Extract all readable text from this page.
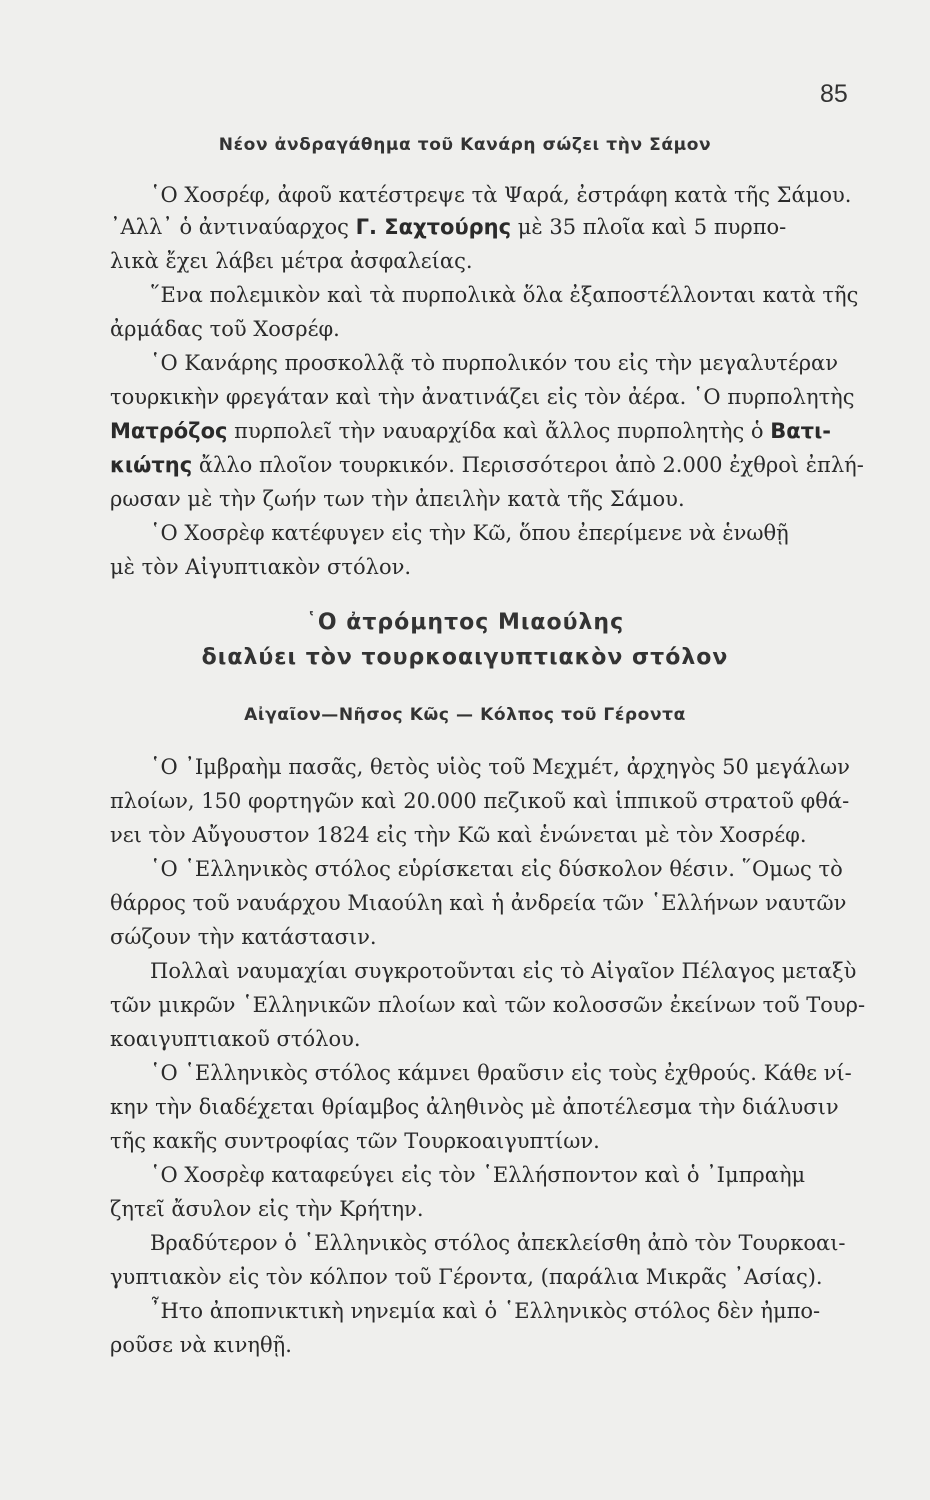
85
Νέον ἀνδραγάθημα τοῦ Κανάρη σώζει τὴν Σάμον
῾Ο Χοσρέφ, ἀφοῦ κατέστρεψε τὰ Ψαρά, ἐστράφη κατὰ τῆς Σάμου.
᾿Αλλ᾿ ὁ ἀντιναύαρχος Γ. Σαχτούρης μὲ 35 πλοῖα καὶ 5 πυρπο-
λικὰ ἔχει λάβει μέτρα ἀσφαλείας.
῞Ενα πολεμικὸν καὶ τὰ πυρπολικὰ ὅλα ἐξαποστέλλονται κατὰ τῆς
ἀρμάδας τοῦ Χοσρέφ.
῾Ο Κανάρης προσκολλᾷ τὸ πυρπολικόν του εἰς τὴν μεγαλυτέραν
τουρκικὴν φρεγάταν καὶ τὴν ἀνατινάζει εἰς τὸν ἀέρα. ῾Ο πυρπολητὴς
Ματρόζος πυρπολεῖ τὴν ναυαρχίδα καὶ ἄλλος πυρπολητὴς ὁ Βατι-
κιώτης ἄλλο πλοῖον τουρκικόν. Περισσότεροι ἀπὸ 2.000 ἐχθροὶ ἐπλή-
ρωσαν μὲ τὴν ζωήν των τὴν ἀπειλὴν κατὰ τῆς Σάμου.
῾Ο Χοσρὲφ κατέφυγεν εἰς τὴν Κῶ, ὅπου ἐπερίμενε νὰ ἑνωθῇ
μὲ τὸν Αἰγυπτιακὸν στόλον.
῾Ο ἀτρόμητος Μιαούλης
διαλύει τὸν τουρκοαιγυπτιακὸν στόλον
Αἰγαῖον—Νῆσος Κῶς — Κόλπος τοῦ Γέροντα
῾Ο ᾿Ιμβραὴμ πασᾶς, θετὸς υἱὸς τοῦ Μεχμέτ, ἀρχηγὸς 50 μεγάλων
πλοίων, 150 φορτηγῶν καὶ 20.000 πεζικοῦ καὶ ἱππικοῦ στρατοῦ φθά-
νει τὸν Αὔγουστον 1824 εἰς τὴν Κῶ καὶ ἑνώνεται μὲ τὸν Χοσρέφ.
῾Ο ῾Ελληνικὸς στόλος εὑρίσκεται εἰς δύσκολον θέσιν. ῞Ομως τὸ
θάρρος τοῦ ναυάρχου Μιαούλη καὶ ἡ ἀνδρεία τῶν ῾Ελλήνων ναυτῶν
σώζουν τὴν κατάστασιν.
Πολλαὶ ναυμαχίαι συγκροτοῦνται εἰς τὸ Αἰγαῖον Πέλαγος μεταξὺ
τῶν μικρῶν ῾Ελληνικῶν πλοίων καὶ τῶν κολοσσῶν ἐκείνων τοῦ Τουρ-
κοαιγυπτιακοῦ στόλου.
῾Ο ῾Ελληνικὸς στόλος κάμνει θραῦσιν εἰς τοὺς ἐχθρούς. Κάθε νί-
κην τὴν διαδέχεται θρίαμβος ἀληθινὸς μὲ ἀποτέλεσμα τὴν διάλυσιν
τῆς κακῆς συντροφίας τῶν Τουρκοαιγυπτίων.
῾Ο Χοσρὲφ καταφεύγει εἰς τὸν ῾Ελλήσποντον καὶ ὁ ᾿Ιμπραὴμ
ζητεῖ ἄσυλον εἰς τὴν Κρήτην.
Βραδύτερον ὁ ῾Ελληνικὸς στόλος ἀπεκλείσθη ἀπὸ τὸν Τουρκοαι-
γυπτιακὸν εἰς τὸν κόλπον τοῦ Γέροντα, (παράλια Μικρᾶς ᾿Ασίας).
῏Ητο ἀποπνικτικὴ νηνεμία καὶ ὁ ῾Ελληνικὸς στόλος δὲν ἠμπο-
ροῦσε νὰ κινηθῇ.
